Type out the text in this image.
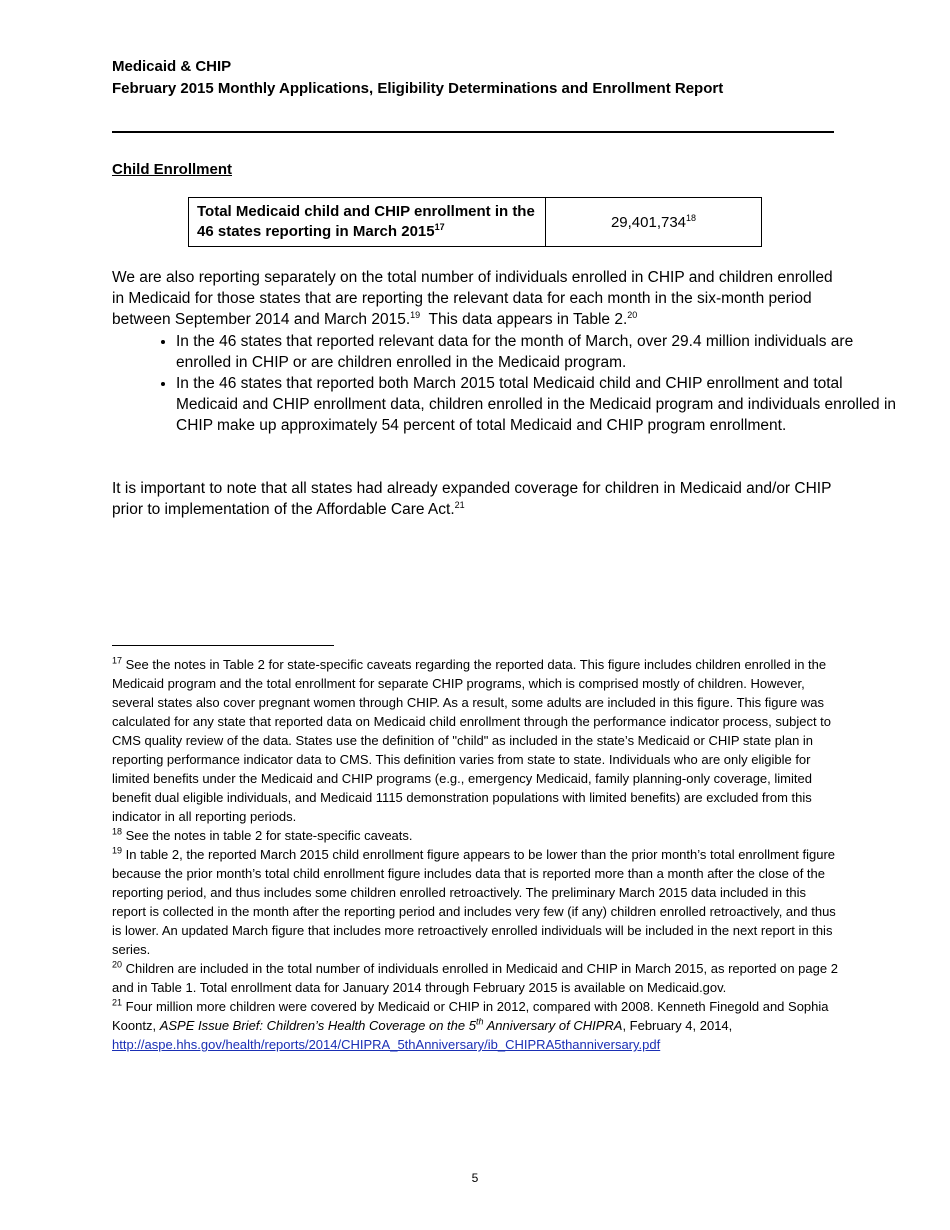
Medicaid & CHIP
February 2015 Monthly Applications, Eligibility Determinations and Enrollment Report
Child Enrollment
Total Medicaid child and CHIP enrollment in the 46 states reporting in March 2015$^{17}$	29,401,734$^{18}$
We are also reporting separately on the total number of individuals enrolled in CHIP and children enrolled in Medicaid for those states that are reporting the relevant data for each month in the six-month period between September 2014 and March 2015.19  This data appears in Table 2.20
• In the 46 states that reported relevant data for the month of March, over 29.4 million individuals are enrolled in CHIP or are children enrolled in the Medicaid program.
• In the 46 states that reported both March 2015 total Medicaid child and CHIP enrollment and total Medicaid and CHIP enrollment data, children enrolled in the Medicaid program and individuals enrolled in CHIP make up approximately 54 percent of total Medicaid and CHIP program enrollment.
It is important to note that all states had already expanded coverage for children in Medicaid and/or CHIP prior to implementation of the Affordable Care Act.$^{21}$

$^{17}$ See the notes in Table 2 for state-specific caveats regarding the reported data. This figure includes children enrolled in the Medicaid program and the total enrollment for separate CHIP programs, which is comprised mostly of children. However, several states also cover pregnant women through CHIP. As a result, some adults are included in this figure. This figure was calculated for any state that reported data on Medicaid child enrollment through the performance indicator process, subject to CMS quality review of the data. States use the definition of "child" as included in the state’s Medicaid or CHIP state plan in reporting performance indicator data to CMS. This definition varies from state to state. Individuals who are only eligible for limited benefits under the Medicaid and CHIP programs (e.g., emergency Medicaid, family planning-only coverage, limited benefit dual eligible individuals, and Medicaid 1115 demonstration populations with limited benefits) are excluded from this indicator in all reporting periods.

$^{18}$ See the notes in table 2 for state-specific caveats.

$^{19}$ In table 2, the reported March 2015 child enrollment figure appears to be lower than the prior month’s total enrollment figure because the prior month’s total child enrollment figure includes data that is reported more than a month after the close of the reporting period, and thus includes some children enrolled retroactively. The preliminary March 2015 data included in this report is collected in the month after the reporting period and includes very few (if any) children enrolled retroactively, and thus is lower. An updated March figure that includes more retroactively enrolled individuals will be included in the next report in this series.

$^{20}$ Children are included in the total number of individuals enrolled in Medicaid and CHIP in March 2015, as reported on page 2 and in Table 1. Total enrollment data for January 2014 through February 2015 is available on Medicaid.gov.

$^{21}$ Four million more children were covered by Medicaid or CHIP in 2012, compared with 2008. Kenneth Finegold and Sophia Koontz, ASPE Issue Brief: Children’s Health Coverage on the 5th Anniversary of CHIPRA, February 4, 2014, http://aspe.hhs.gov/health/reports/2014/CHIPRA_5thAnniversary/ib_CHIPRA5thanniversary.pdf

5
